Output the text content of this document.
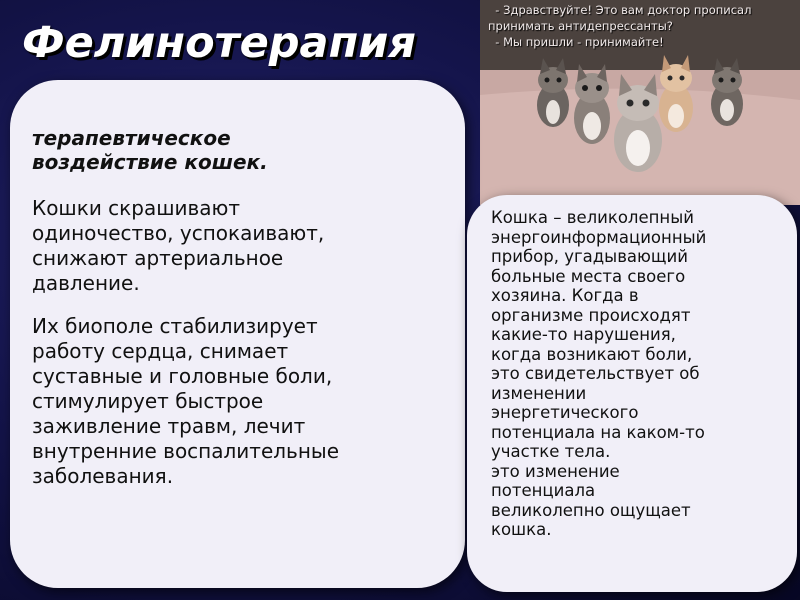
Фелинотерапия
- Здравствуйте! Это вам доктор прописал
принимать антидепрессанты?
- Мы пришли - принимайте!

терапевтическое
воздействие кошек.

Кошки скрашивают
одиночество, успокаивают,
снижают артериальное
давление.

Их биополе стабилизирует
работу сердца, снимает
суставные и головные боли,
стимулирует быстрое
заживление травм, лечит
внутренние воспалительные
заболевания.

Кошка – великолепный
энергоинформационный
прибор, угадывающий
больные места своего
хозяина. Когда в
организме происходят
какие-то нарушения,
когда возникают боли,
это свидетельствует об
изменении
энергетического
потенциала на каком-то
участке тела.
это изменение
потенциала
великолепно ощущает
кошка.
